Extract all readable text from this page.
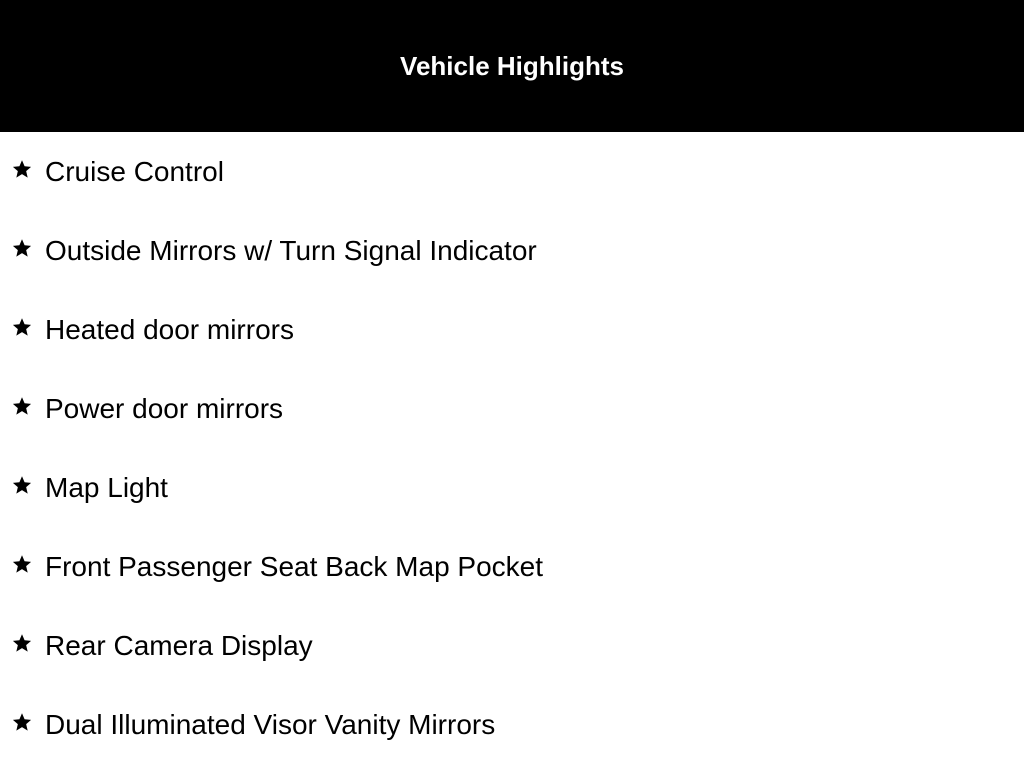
Vehicle Highlights
Cruise Control
Outside Mirrors w/ Turn Signal Indicator
Heated door mirrors
Power door mirrors
Map Light
Front Passenger Seat Back Map Pocket
Rear Camera Display
Dual Illuminated Visor Vanity Mirrors
